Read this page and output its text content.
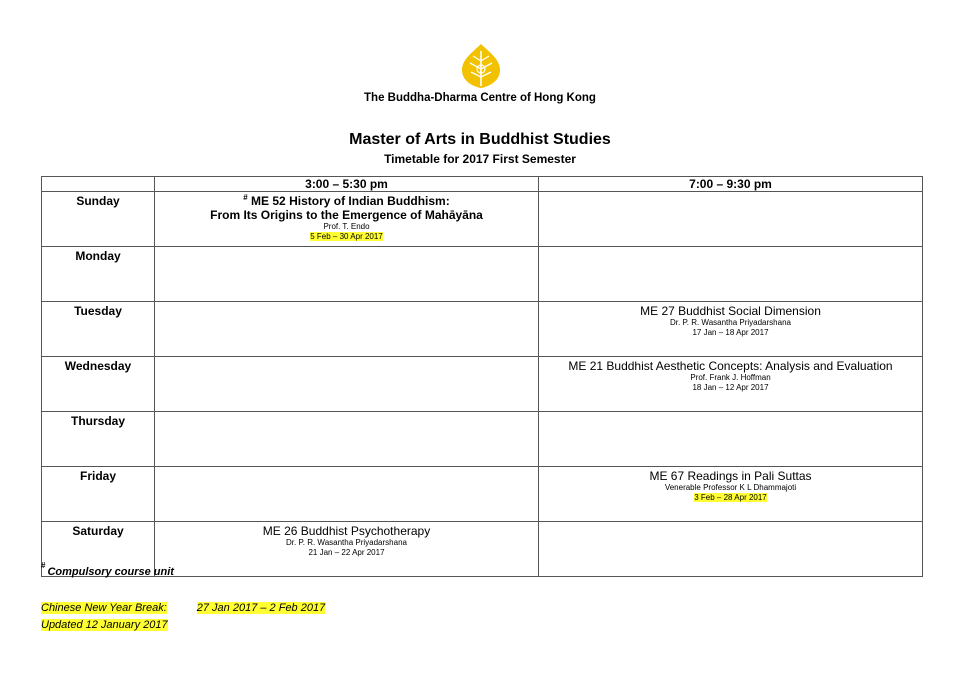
The Buddha-Dharma Centre of Hong Kong
Master of Arts in Buddhist Studies
Timetable for 2017 First Semester
	3:00 – 5:30 pm	7:00 – 9:30 pm
Sunday	# ME 52 History of Indian Buddhism:
From Its Origins to the Emergence of Mahāyāna
Prof. T. Endo
5 Feb – 30 Apr 2017	

Monday		
Tuesday		ME 27 Buddhist Social Dimension
Dr. P. R. Wasantha Priyadarshana
17 Jan – 18 Apr 2017

Wednesday		ME 21 Buddhist Aesthetic Concepts: Analysis and Evaluation
Prof. Frank J. Hoffman
18 Jan – 12 Apr 2017

Thursday		
Friday		ME 67 Readings in Pali Suttas
Venerable Professor K L Dhammajoti
3 Feb – 28 Apr 2017

Saturday	ME 26 Buddhist Psychotherapy
Dr. P. R. Wasantha Priyadarshana
21 Jan – 22 Apr 2017	

#Compulsory course unit
Chinese New Year Break:	27 Jan 2017 – 2 Feb 2017
Updated 12 January 2017
